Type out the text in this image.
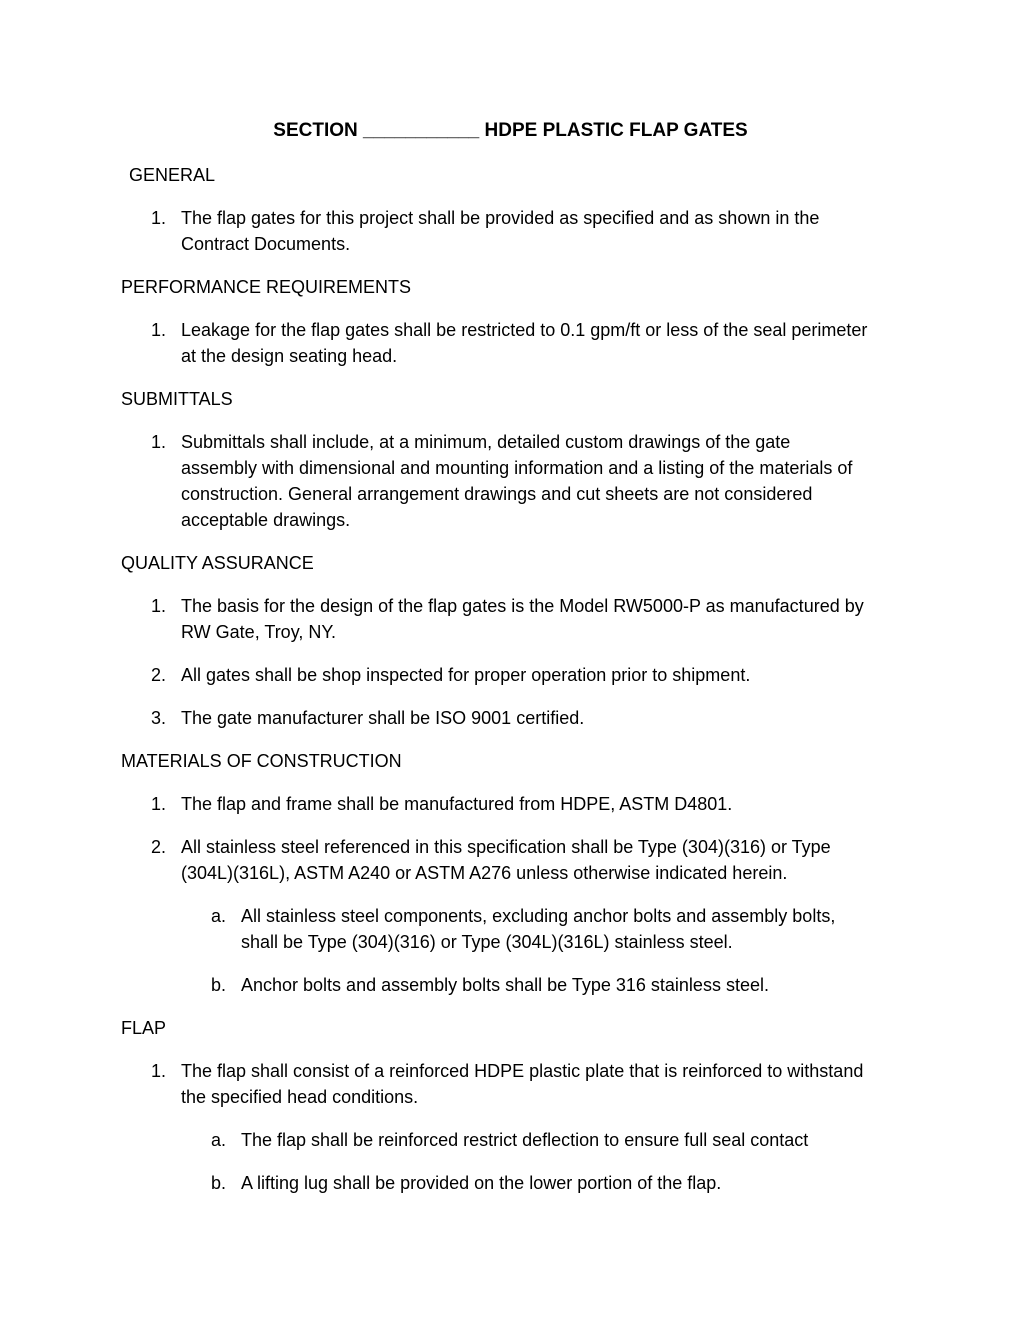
SECTION ___________ HDPE PLASTIC FLAP GATES
GENERAL
1. The flap gates for this project shall be provided as specified and as shown in the Contract Documents.
PERFORMANCE REQUIREMENTS
1. Leakage for the flap gates shall be restricted to 0.1 gpm/ft or less of the seal perimeter at the design seating head.
SUBMITTALS
1. Submittals shall include, at a minimum, detailed custom drawings of the gate assembly with dimensional and mounting information and a listing of the materials of construction. General arrangement drawings and cut sheets are not considered acceptable drawings.
QUALITY ASSURANCE
1. The basis for the design of the flap gates is the Model RW5000-P as manufactured by RW Gate, Troy, NY.
2. All gates shall be shop inspected for proper operation prior to shipment.
3. The gate manufacturer shall be ISO 9001 certified.
MATERIALS OF CONSTRUCTION
1. The flap and frame shall be manufactured from HDPE, ASTM D4801.
2. All stainless steel referenced in this specification shall be Type (304)(316) or Type (304L)(316L), ASTM A240 or ASTM A276 unless otherwise indicated herein.
a. All stainless steel components, excluding anchor bolts and assembly bolts, shall be Type (304)(316) or Type (304L)(316L) stainless steel.
b. Anchor bolts and assembly bolts shall be Type 316 stainless steel.
FLAP
1. The flap shall consist of a reinforced HDPE plastic plate that is reinforced to withstand the specified head conditions.
a. The flap shall be reinforced restrict deflection to ensure full seal contact
b. A lifting lug shall be provided on the lower portion of the flap.
